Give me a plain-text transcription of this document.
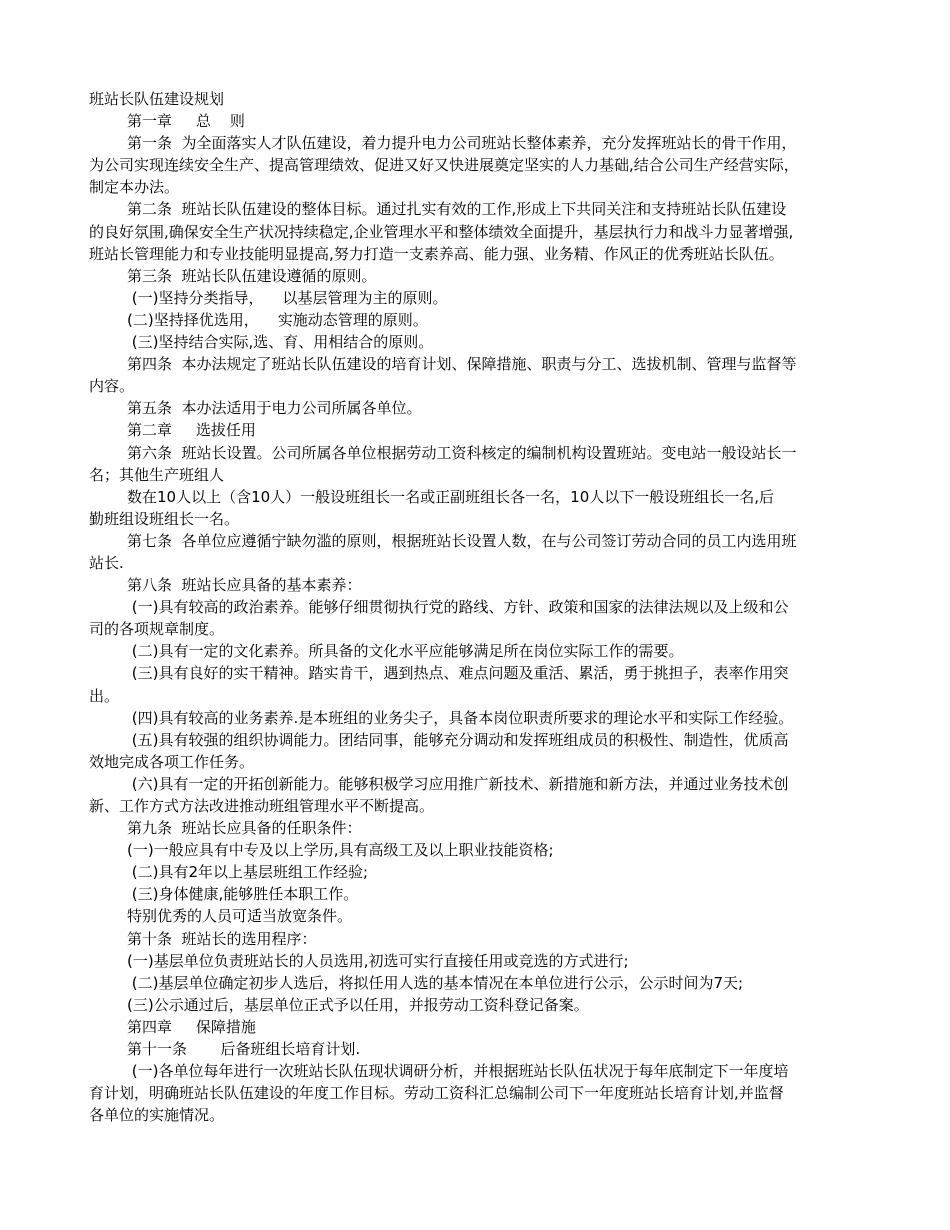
班站长队伍建设规划
第一章     总    则
第一条  为全面落实人才队伍建设，着力提升电力公司班站长整体素养，充分发挥班站长的骨干作用，
为公司实现连续安全生产、提高管理绩效、促进又好又快进展奠定坚实的人力基础,结合公司生产经营实际，
制定本办法。
第二条  班站长队伍建设的整体目标。通过扎实有效的工作,形成上下共同关注和支持班站长队伍建设
的良好氛围,确保安全生产状况持续稳定,企业管理水平和整体绩效全面提升，基层执行力和战斗力显著增强,
班站长管理能力和专业技能明显提高,努力打造一支素养高、能力强、业务精、作风正的优秀班站长队伍。
第三条  班站长队伍建设遵循的原则。
(一)坚持分类指导，    以基层管理为主的原则。
(二)坚持择优选用，    实施动态管理的原则。
(三)坚持结合实际,选、育、用相结合的原则。
第四条  本办法规定了班站长队伍建设的培育计划、保障措施、职责与分工、选拔机制、管理与监督等
内容。
第五条  本办法适用于电力公司所属各单位。
第二章     选拔任用
第六条  班站长设置。公司所属各单位根据劳动工资科核定的编制机构设置班站。变电站一般设站长一
名；其他生产班组人
数在10人以上（含10人）一般设班组长一名或正副班组长各一名，10人以下一般设班组长一名,后
勤班组设班组长一名。
第七条  各单位应遵循宁缺勿滥的原则，根据班站长设置人数，在与公司签订劳动合同的员工内选用班
站长.
第八条  班站长应具备的基本素养：
(一)具有较高的政治素养。能够仔细贯彻执行党的路线、方针、政策和国家的法律法规以及上级和公
司的各项规章制度。
(二)具有一定的文化素养。所具备的文化水平应能够满足所在岗位实际工作的需要。
(三)具有良好的实干精神。踏实肯干，遇到热点、难点问题及重活、累活，勇于挑担子，表率作用突
出。
(四)具有较高的业务素养.是本班组的业务尖子，具备本岗位职责所要求的理论水平和实际工作经验。
(五)具有较强的组织协调能力。团结同事，能够充分调动和发挥班组成员的积极性、制造性，优质高
效地完成各项工作任务。
(六)具有一定的开拓创新能力。能够积极学习应用推广新技术、新措施和新方法，并通过业务技术创
新、工作方式方法改进推动班组管理水平不断提高。
第九条  班站长应具备的任职条件：
(一)一般应具有中专及以上学历,具有高级工及以上职业技能资格;
(二)具有2年以上基层班组工作经验;
(三)身体健康,能够胜任本职工作。
特别优秀的人员可适当放宽条件。
第十条  班站长的选用程序：
(一)基层单位负责班站长的人员选用,初选可实行直接任用或竞选的方式进行;
(二)基层单位确定初步人选后，将拟任用人选的基本情况在本单位进行公示，公示时间为7天;
(三)公示通过后，基层单位正式予以任用，并报劳动工资科登记备案。
第四章     保障措施
第十一条       后备班组长培育计划.
(一)各单位每年进行一次班站长队伍现状调研分析，并根据班站长队伍状况于每年底制定下一年度培
育计划，明确班站长队伍建设的年度工作目标。劳动工资科汇总编制公司下一年度班站长培育计划,并监督
各单位的实施情况。
